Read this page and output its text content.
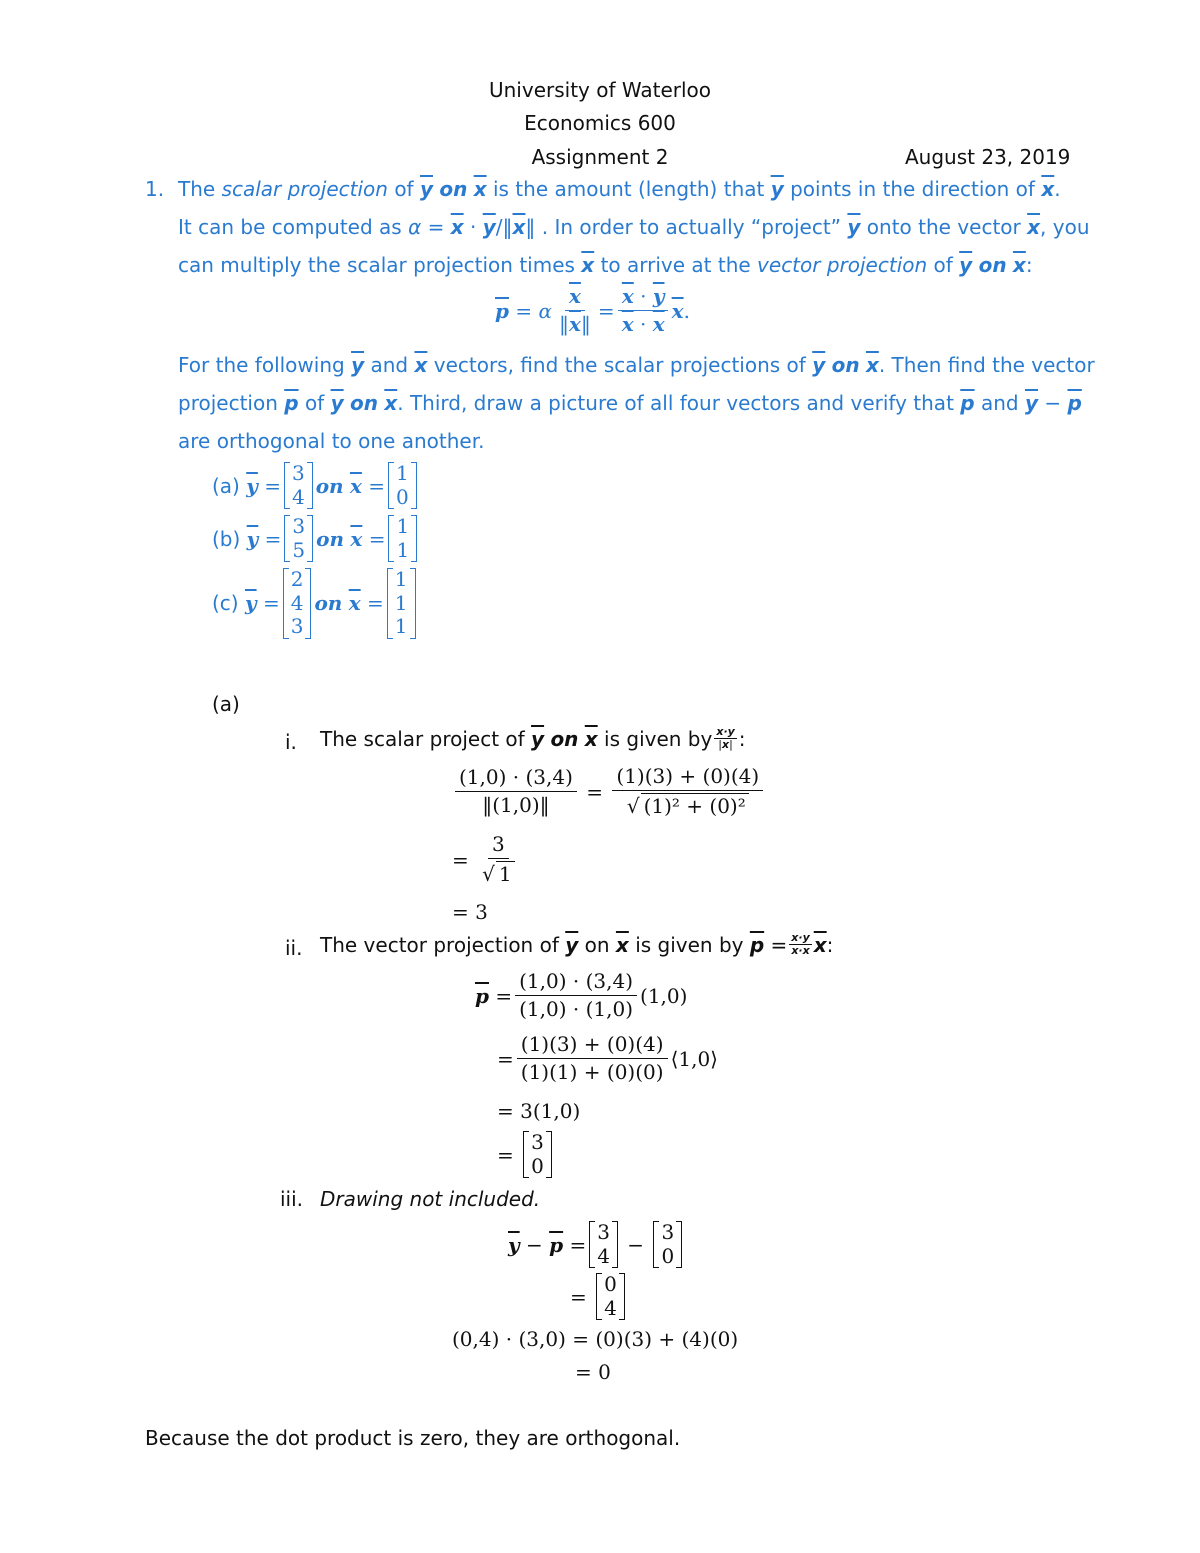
University of Waterloo
Economics 600
Assignment 2	August 23, 2019
1. The scalar projection of $\overline{y}$ on $\overline{x}$ is the amount (length) that $\overline{y}$ points in the direction of $\overline{x}$.
It can be computed as $\alpha = \overline{x}$ · $\overline{y}/‖\overline{x}‖$ . In order to actually “project” $\overline{y}$ onto the vector $\overline{x}$, you
can multiply the scalar projection times $\overline{x}$ to arrive at the vector projection of $\overline{y}$ on $\overline{x}$:
$\overline{p} = \alpha \frac{\overline{x}}{‖\overline{x}‖} = \frac{\overline{x} \cdot \overline{y}}{\overline{x} \cdot \overline{x}} \overline{x}$ .
For the following $\overline{y}$ and $\overline{x}$ vectors, find the scalar projections of $\overline{y}$ on $\overline{x}$. Then find the vector
projection $\overline{p}$ of $\overline{y}$ on $\overline{x}$. Third, draw a picture of all four vectors and verify that $\overline{p}$ and $\overline{y} - \overline{p}$
are orthogonal to one another.
(a)
$\overline{y}$ =
3
4 on
$\overline{x}$ =
1
0
(b)
$\overline{y}$ =
3
5 on
$\overline{x}$ =
1
1
(c)
$\overline{y}$ =
2
4
3
on
$\overline{x}$ =
1
1
1
(a)
i. The scalar project of
$\overline{y}$
on
$\overline{x}$
is given by x·y
|x| :
$\frac{(1,0) \cdot (3,4)}{‖(1,0)‖} = \frac{(1)(3) + (0)(4)}{\text{√ (1)² + (0)²}}$
= $\frac{3}{√ 1}$
= 3
ii. The vector projection of
$\overline{y}$
on
$\overline{x}$
is given by
$\overline{p} = x\cdot y$
x·x $\overline{x}$ :
$\overline{p} = \frac{(1,0) \cdot (3,4)}{(1,0) \cdot (1,0)} (1,0)$
= $\frac{(1)(3) + (0)(4)}{(1)(1) + (0)(0)}$ ⟨1,0⟩
= 3(1,0)
=
3
0
iii. Drawing not included.
$\overline{y} - \overline{p}$ =
3
4 −
3
0
=
0
4
(0,4) · (3,0) = (0)(3) + (4)(0)
= 0
Because the dot product is zero, they are orthogonal.
